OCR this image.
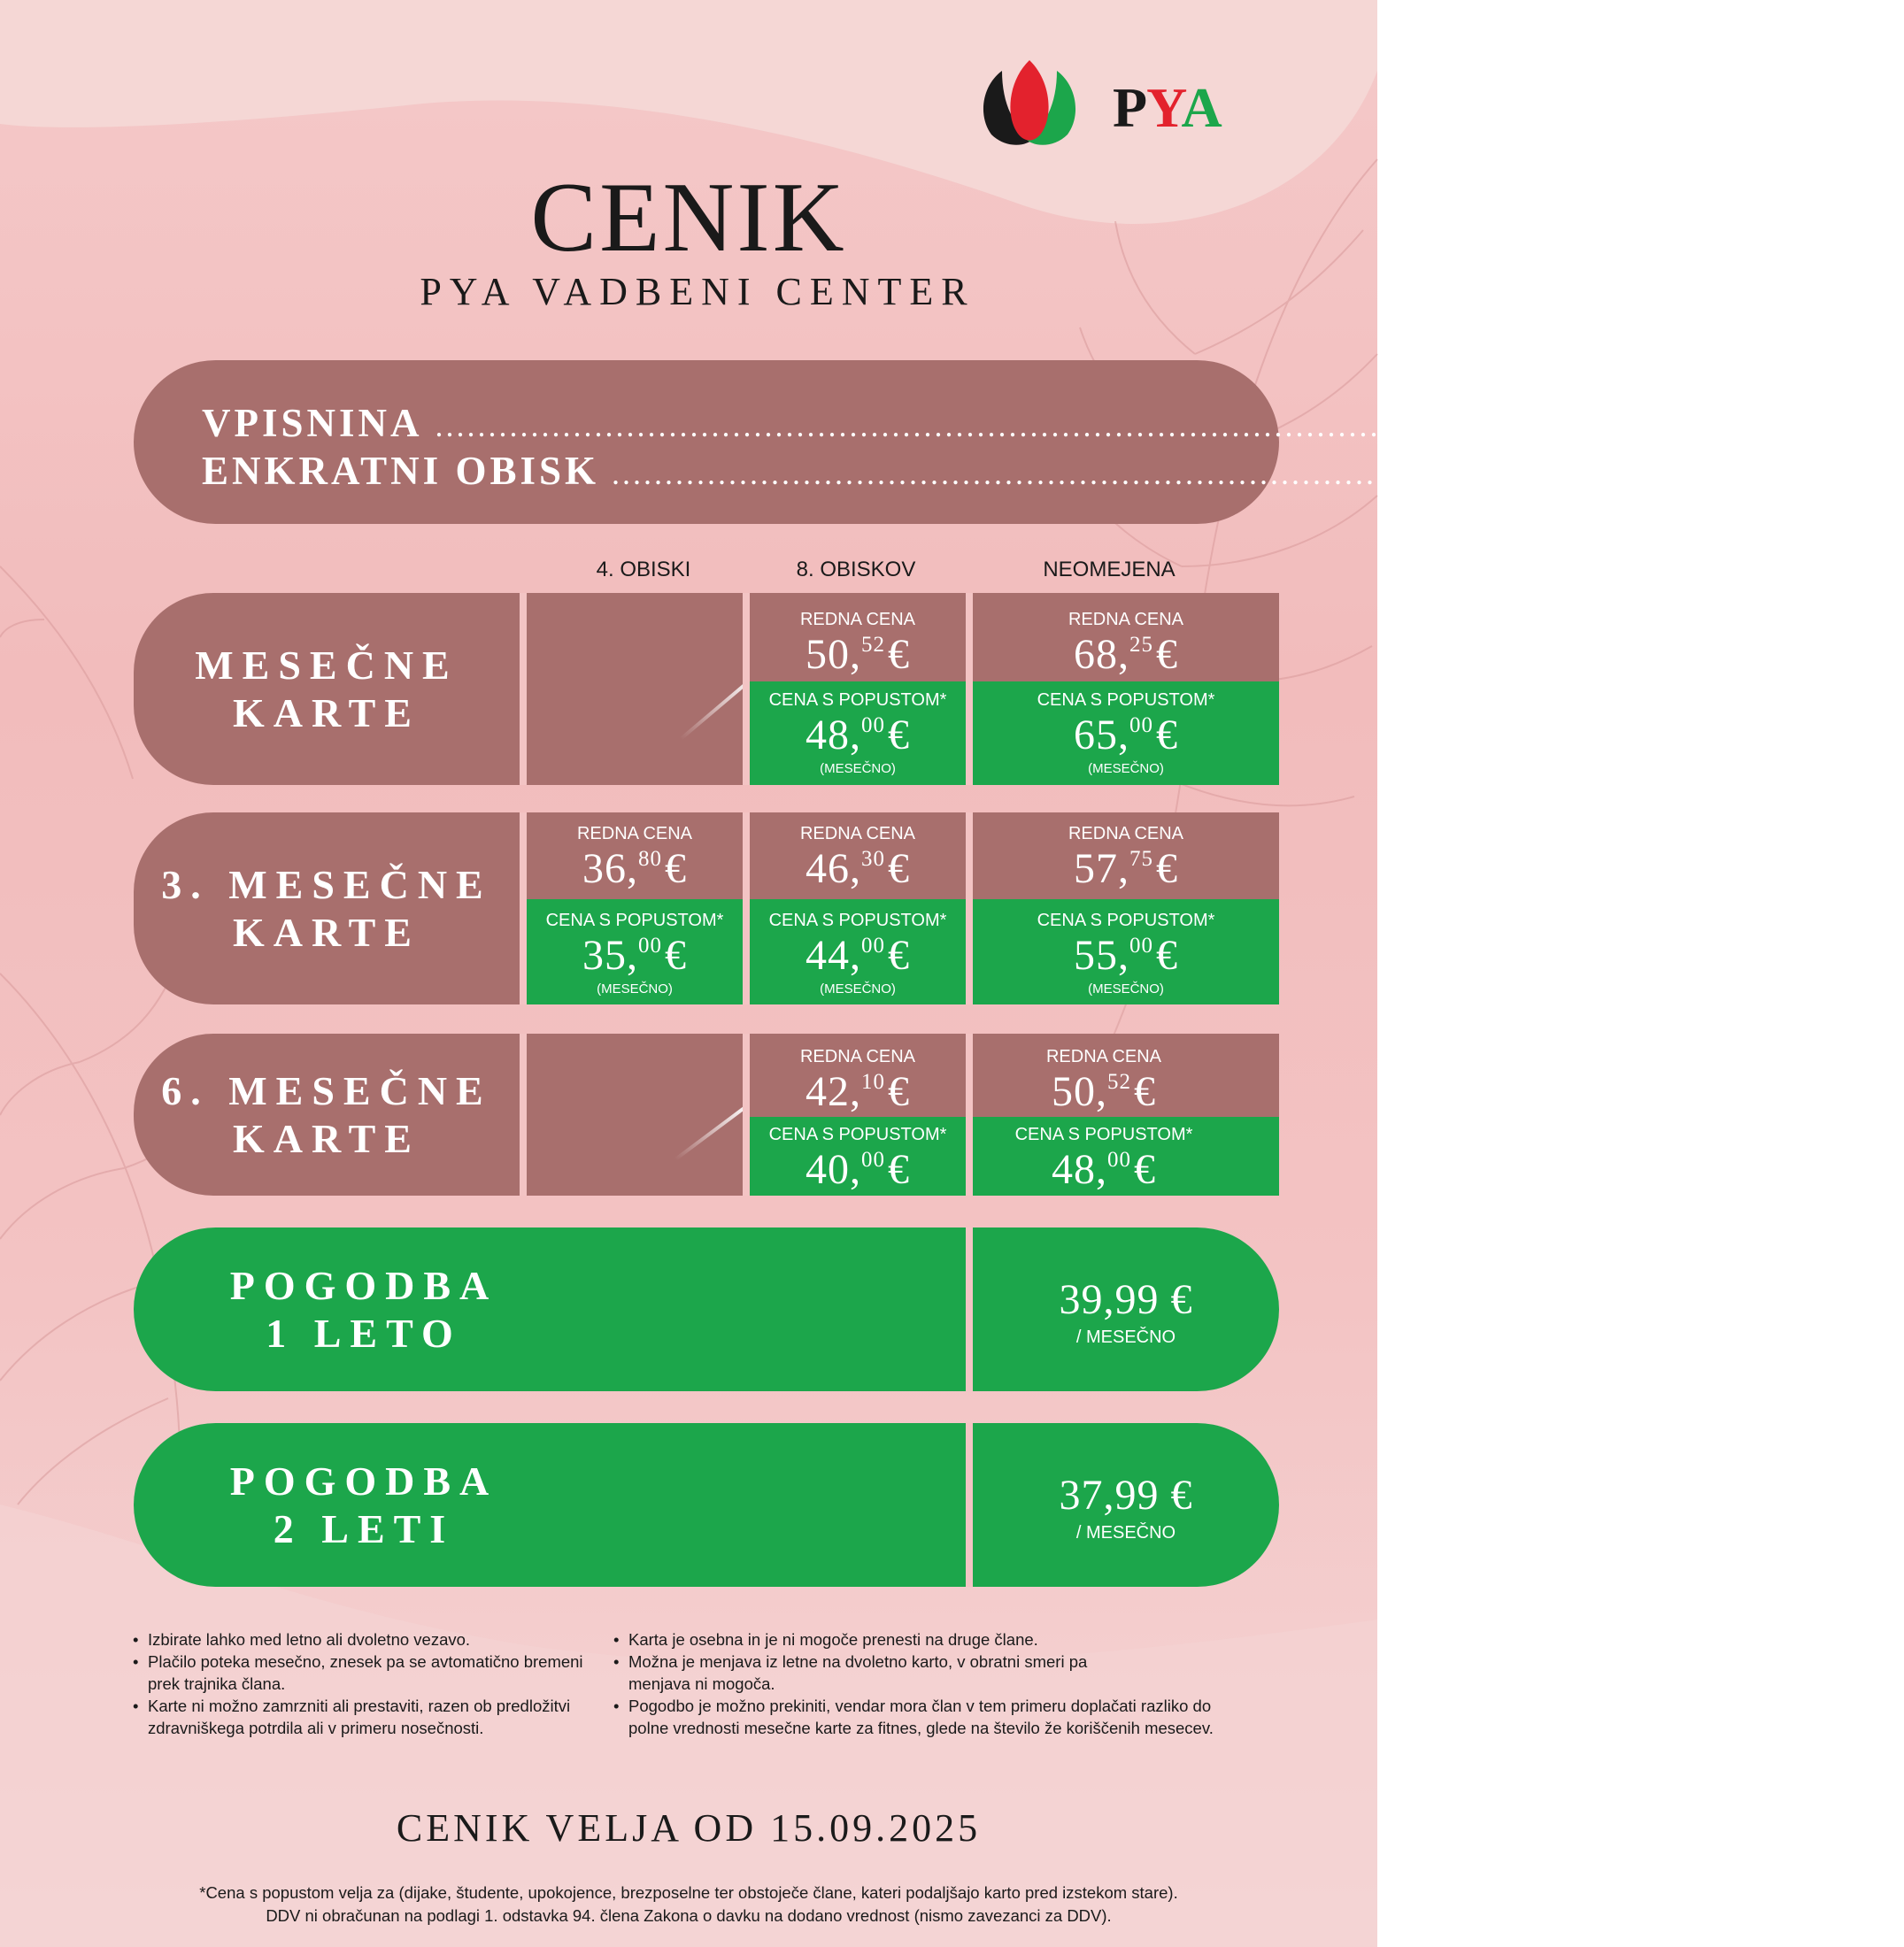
PYA
CENIK
PYA VADBENI CENTER
VPISNINA .............................................................................................................. 10,00 €
ENKRATNI OBISK .............................................................................................................. 10,00 €
4. OBISKI	8. OBISKOV	NEOMEJENA
MESEČNE
KARTE
REDNA CENA
50,52€
CENA S POPUSTOM*
48,00€
(MESEČNO)
REDNA CENA
68,25€
CENA S POPUSTOM*
65,00€
(MESEČNO)
3. MESEČNE
KARTE
REDNA CENA
36,80€
CENA S POPUSTOM*
35,00€
(MESEČNO)
REDNA CENA
46,30€
CENA S POPUSTOM*
44,00€
(MESEČNO)
REDNA CENA
57,75€
CENA S POPUSTOM*
55,00€
(MESEČNO)
6. MESEČNE
KARTE
REDNA CENA
42,10€
CENA S POPUSTOM*
40,00€
REDNA CENA
50,52€
CENA S POPUSTOM*
48,00€
POGODBA
1 LETO
39,99 €
/ MESEČNO
POGODBA
2 LETI
37,99 €
/ MESEČNO
• Izbirate lahko med letno ali dvoletno vezavo.
• Plačilo poteka mesečno, znesek pa se avtomatično bremeni prek trajnika člana.
• Karte ni možno zamrzniti ali prestaviti, razen ob predložitvi zdravniškega potrdila ali v primeru nosečnosti.
• Karta je osebna in je ni mogoče prenesti na druge člane.
• Možna je menjava iz letne na dvoletno karto, v obratni smeri pa menjava ni mogoča.
• Pogodbo je možno prekiniti, vendar mora član v tem primeru doplačati razliko do polne vrednosti mesečne karte za fitnes, glede na število že koriščenih mesecev.
CENIK VELJA OD 15.09.2025
*Cena s popustom velja za (dijake, študente, upokojence, brezposelne ter obstoječe člane, kateri podaljšajo karto pred izstekom stare).
DDV ni obračunan na podlagi 1. odstavka 94. člena Zakona o davku na dodano vrednost (nismo zavezanci za DDV).
